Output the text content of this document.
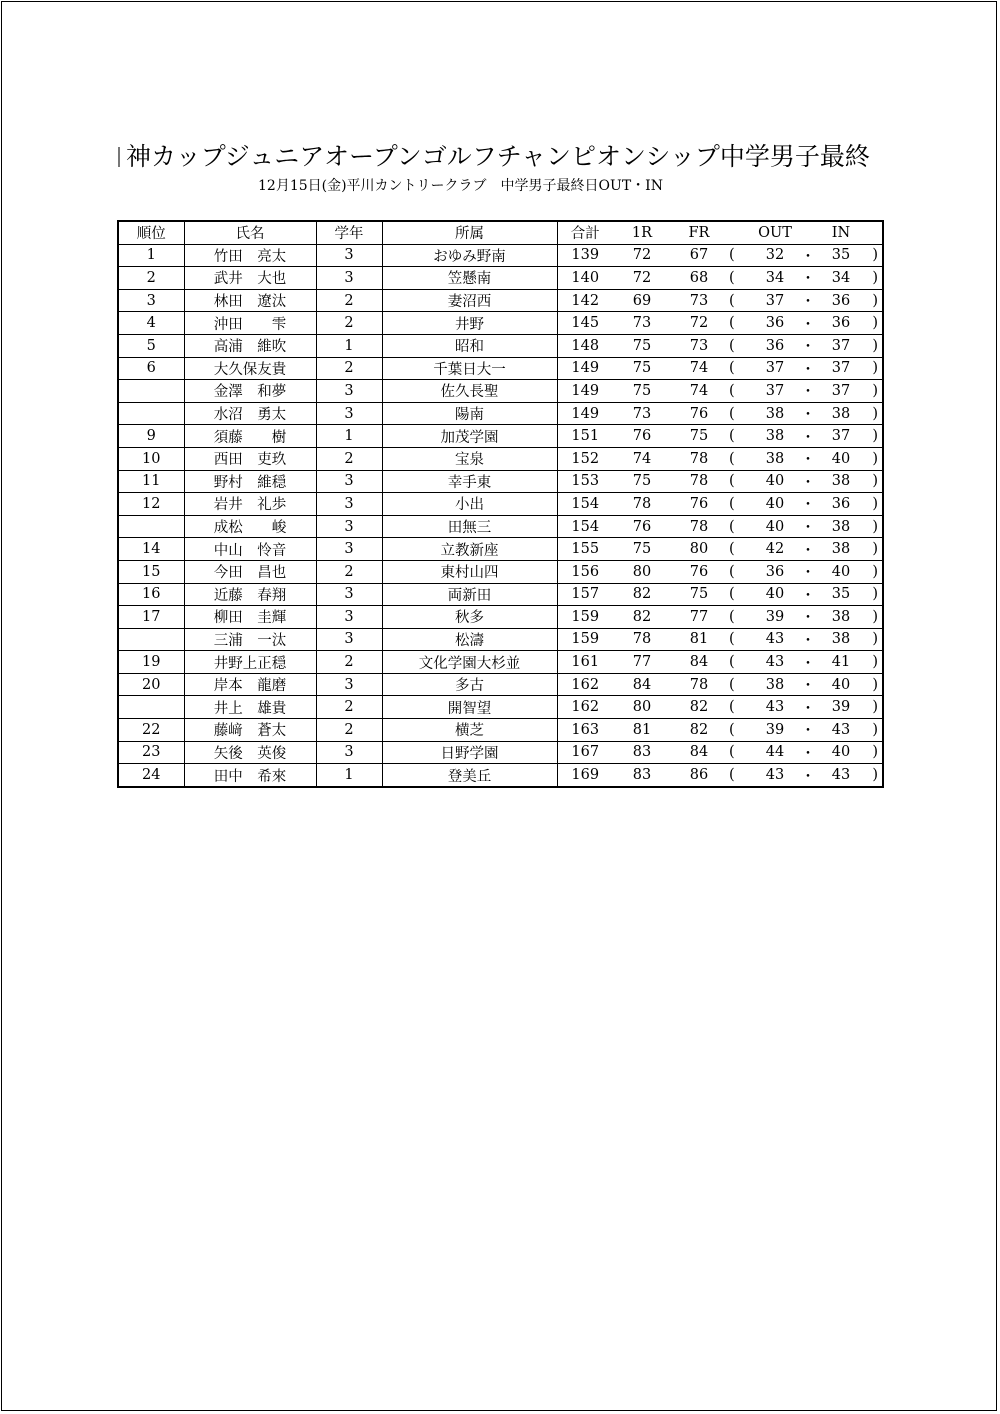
神カップジュニアオープンゴルフチャンピオンシップ中学男子最終
12月15日(金)平川カントリークラブ　中学男子最終日OUT・IN
順位	氏名	学年	所属	合計	1R	FR		OUT		IN	
1	竹田　亮太	3	おゆみ野南	139	72	67	(	32	・	35	)
2	武井　大也	3	笠懸南	140	72	68	(	34	・	34	)
3	林田　遼汰	2	妻沼西	142	69	73	(	37	・	36	)
4	沖田　　雫	2	井野	145	73	72	(	36	・	36	)
5	高浦　維吹	1	昭和	148	75	73	(	36	・	37	)
6	大久保友貴	2	千葉日大一	149	75	74	(	37	・	37	)
	金澤　和夢	3	佐久長聖	149	75	74	(	37	・	37	)
	水沼　勇太	3	陽南	149	73	76	(	38	・	38	)
9	須藤　　樹	1	加茂学園	151	76	75	(	38	・	37	)
10	西田　吏玖	2	宝泉	152	74	78	(	38	・	40	)
11	野村　維穏	3	幸手東	153	75	78	(	40	・	38	)
12	岩井　礼歩	3	小出	154	78	76	(	40	・	36	)
	成松　　峻	3	田無三	154	76	78	(	40	・	38	)
14	中山　怜音	3	立教新座	155	75	80	(	42	・	38	)
15	今田　昌也	2	東村山四	156	80	76	(	36	・	40	)
16	近藤　春翔	3	両新田	157	82	75	(	40	・	35	)
17	柳田　圭輝	3	秋多	159	82	77	(	39	・	38	)
	三浦　一汰	3	松濤	159	78	81	(	43	・	38	)
19	井野上正穏	2	文化学園大杉並	161	77	84	(	43	・	41	)
20	岸本　龍磨	3	多古	162	84	78	(	38	・	40	)
	井上　雄貴	2	開智望	162	80	82	(	43	・	39	)
22	藤﨑　蒼太	2	横芝	163	81	82	(	39	・	43	)
23	矢後　英俊	3	日野学園	167	83	84	(	44	・	40	)
24	田中　希來	1	登美丘	169	83	86	(	43	・	43	)
